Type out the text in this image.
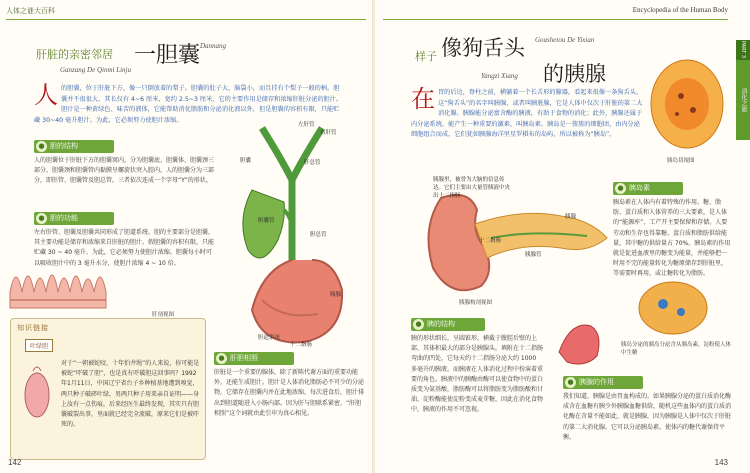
人体之谜大百科
肝脏的亲密邻居 一胆囊 Dannang
Ganzang De Qinmi Linju
人 的胆囊，位于肝脏下方，像一只倒放着的梨子。胆囊的肚子大、脑袋小，而且挂有个梨子一般的柄。胆囊并不很很大，其长仅有 4~6 厘米，宽约 2.5~3 厘米，它的主要作用是储存和浓缩肝脏分泌的胆汁。胆汁是一种黄绿色、味苦的液体，它能帮助消化脂肪和分泌消化液以外，但是胆囊的容积有限，只能贮藏 30~40 毫升胆汁。为此，它必须努力使胆汁浓缩。
● 胆的结构
人的胆囊位于肝脏下方的胆囊窝内，分为胆囊底、胆囊体、胆囊颈三部分。胆囊颈和胆囊管内黏膜呈螺旋状突入腔内，人的胆囊分为三部分，即肝管、胆囊管及胆总管，三者依次连成一个字母“Y”的形状。
● 胆的功能
左右肝管、胆囊及胆囊共同形成了胆道系统。胆的主要部分是胆囊，其主要功能是储存和浓缩来自肝脏的胆汁。假胆囊的容积有限，只能贮藏 30 ~ 40 毫升。为此，它必须努力使胆汁浓缩。胆囊每小时可以吸收胆汁中的 3 毫升水分，使胆汁浓缩 4 ~ 10 倍。
肝剖视图
知识链接
叶绿胆
对于“一朝被蛇咬，十年怕井绳”的人来说，你可能是被蛇“吓破了胆”，也是真有吓破胆这回事吗？1992年1月11日，中国辽宁省台子乡种植基地遭到嗅觉，两只种子破碎叶绿，男两只种子用来亲自证明——身上汝有一点伤痕，后来经医生最终发现，其实只有胆囊破裂出事，里面就已经完全流破，原来它们是被吓死的。
左肝管
右肝管
胆囊	肝总管
胆囊管
胆总管
胆道系统
十二指肠
胰腺
● 肝胆相照
肝脏是一个重要的腺体，除了新陈代谢方面的重要功能外，还能生成胆汁。胆汁是人体消化脂肪必不可少的分泌物，它储存在胆囊内并在此地浓缩，每次进食后，胆汁排出到胆道随进入小肠内部。因为肝与胆联系紧密，“肝胆相照”这个词就由此引申为真心相见。
142
Encyclopedia of the Human Body
样子 像狗舌头
的胰腺
Goushetou De Yixian
Yangzi Xiang
在 胃的后边，脊柱之前，横躺着一个长舌形的腺器，看起来很像一条狗舌头，这“狗舌头”的名字叫胰腺，或者叫胰脏腺，它是人体中仅次于肝脏的第二大消化腺。胰腺能分泌富含酶的胰液，有助于食物的消化；此外，胰腺还属于内分泌系统，能产生一种重要的激素，叫胰岛素。胰岛是一簇簇的细胞团，由内分泌细胞组合而成，它们犹如胰腺海洋里星罗棋布的岛屿，所以被称为“胰岛”。
胰岛切视图
PART 3
消化之旅
胰腺里，被誉为大脑的信息传达。它们主要由大量管胰液中央出十二指肠
胰腺
十二指肠
胰腺管
胰腺构剖视图
● 胰岛素
胰岛素在人体内有着特殊的作用。糖、脂肪、蛋白质和人体营养的三大要素，是人体的“能源库”，工产开主要保留和存储。人要劳动和生存也得靠糖。蛋白质和脂肪供给能量，其中糖的供给量占 70%。胰岛素的作用就是促进血液里的糖变为能量，并能够把一时用不完的能量转化为糖原储存到肝脏里，等需要时再用，或让糖转化为脂肪。
胰岛分泌的胰岛分泌含从胰岛素，淀粉使人体中生糖
● 胰的结构
胰的形状细长，呈圆锥形，横截于腹腔后壁的上部，其体积最大的部分是胰腺头，填附在十二指肠弯曲的凹处，它每天约十二指肠分泌大约 1000 多毫升的胰液。而胰液在人体消化过程中扮演着重要的角色。胰液中的胰酶由酶可以使食物中的蛋白质变为氨基酸，脂肪酶可以将脂肪变为脂肪酸和甘油，淀粉酶能使淀粉变成麦芽糖，因此在消化食物中，胰液的作用不可忽视。
● 胰腺的作用
我们知道，胰腺是由胃血构成的。如果胰腺分泌的蛋白质消化酶成含在血糖有胰少外胰腺血糖供给，随机这些血体内的蛋白质消化酶在含量不能如此，就是胰腺，因为胰腺是人体中仅次于肝脏的第二大消化腺。它可以分泌胰岛素。使体内的糖代谢保持平衡。
143
